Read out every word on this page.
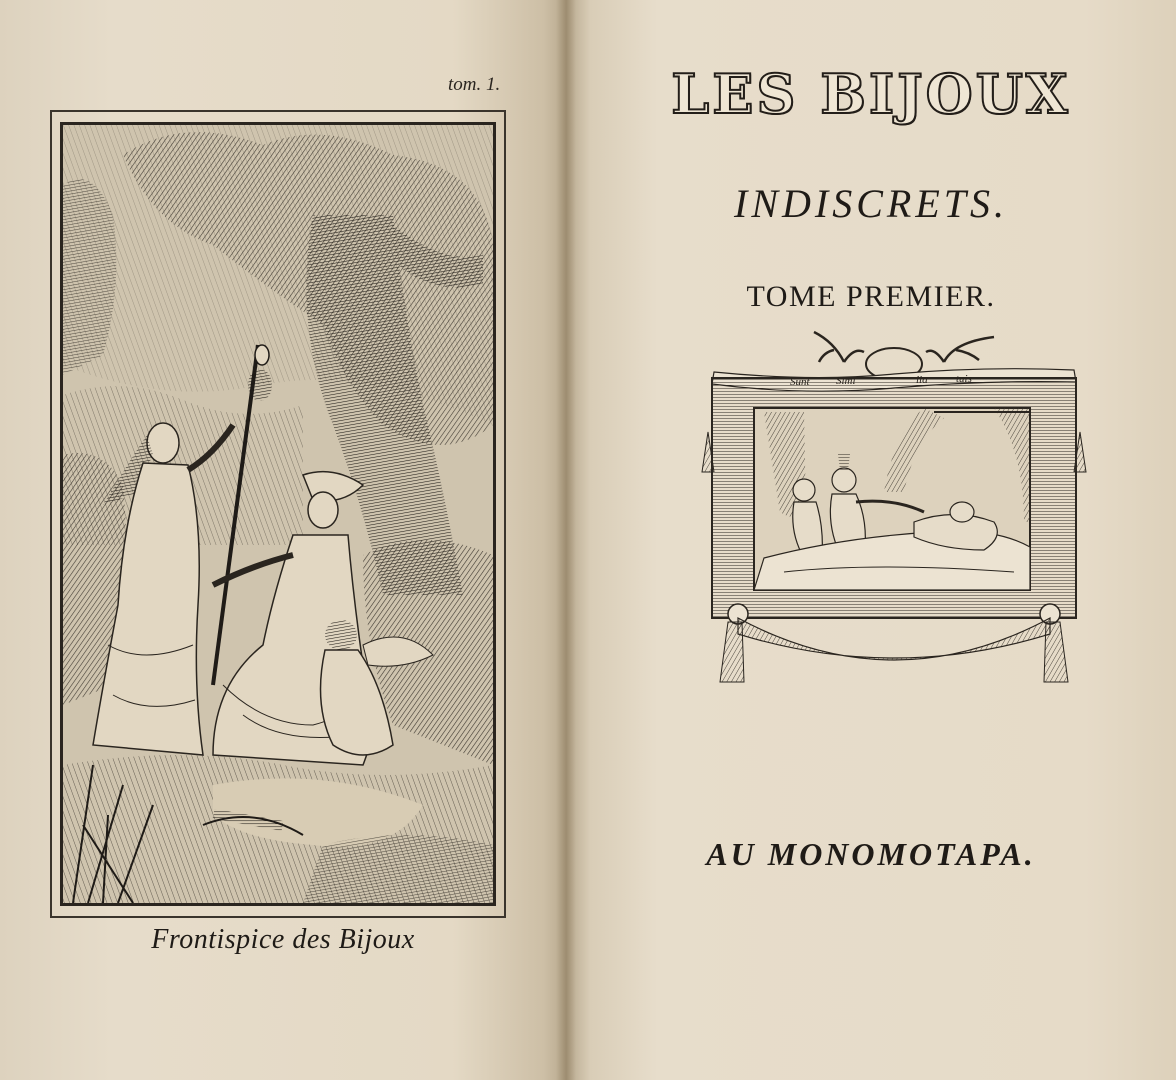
tom. 1.
Frontispice des Bijoux
LES BIJOUX
INDISCRETS.
TOME PREMIER.
Sunt Simi	lia	tuis
AU MONOMOTAPA.
